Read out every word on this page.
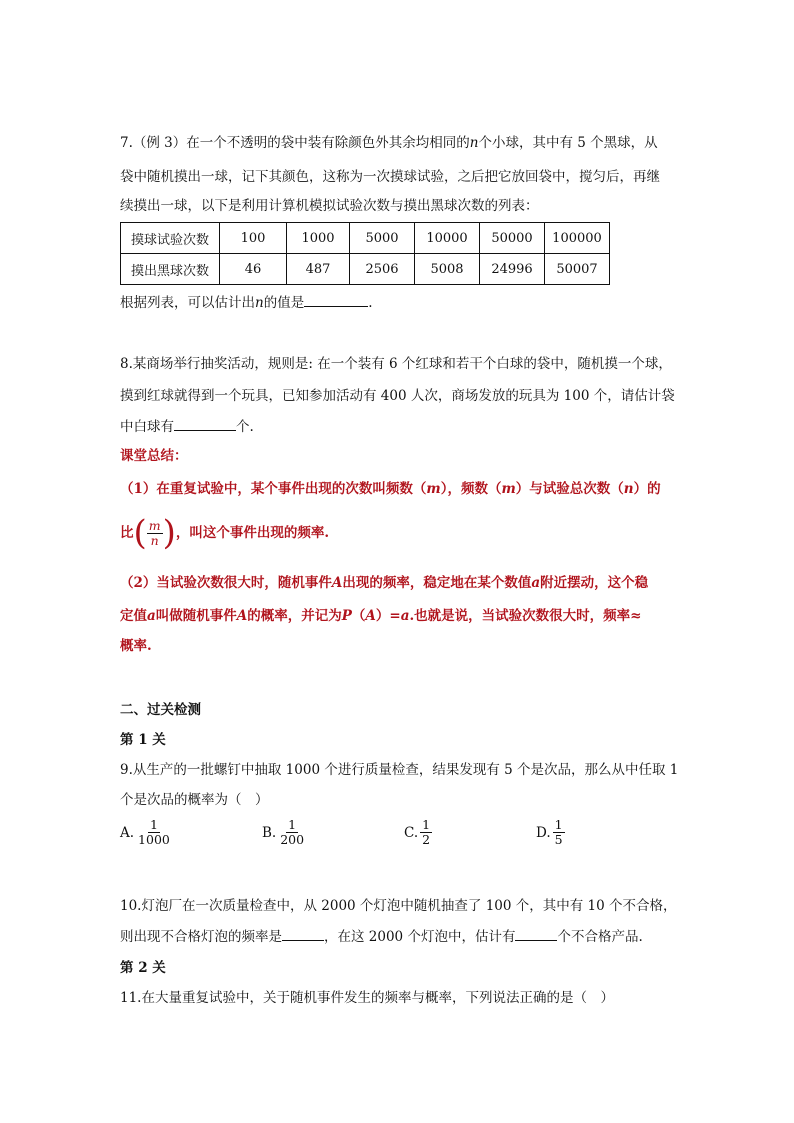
7.（例 3）在一个不透明的袋中装有除颜色外其余均相同的n个小球，其中有 5 个黑球，从
袋中随机摸出一球，记下其颜色，这称为一次摸球试验，之后把它放回袋中，搅匀后，再继
续摸出一球，以下是利用计算机模拟试验次数与摸出黑球次数的列表：
摸球试验次数	100	1000	5000	10000	50000	100000
摸出黑球次数	46	487	2506	5008	24996	50007
根据列表，可以估计出n的值是	.
8.某商场举行抽奖活动，规则是: 在一个装有 6 个红球和若干个白球的袋中，随机摸一个球，
摸到红球就得到一个玩具，已知参加活动有 400 人次，商场发放的玩具为 100 个，请估计袋
中白球有	个.
课堂总结：
（1）在重复试验中，某个事件出现的次数叫频数（m），频数（m）与试验总次数（n）的
比 ( $\frac{m}{n}$ ) ，叫这个事件出现的频率.
（2）当试验次数很大时，随机事件A出现的频率，稳定地在某个数值a附近摆动，这个稳
定值a叫做随机事件A的概率，并记为P（A）=a.也就是说，当试验次数很大时，频率≈
概率.
二、过关检测
第 1 关
9.从生产的一批螺钉中抽取 1000 个进行质量检查，结果发现有 5 个是次品，那么从中任取 1
个是次品的概率为（　）
A. $\frac{1}{1000}$	B. $\frac{1}{200}$	C. $\frac{1}{2}$	D. $\frac{1}{5}$
10.灯泡厂在一次质量检查中，从 2000 个灯泡中随机抽查了 100 个，其中有 10 个不合格，
则出现不合格灯泡的频率是	，在这 2000 个灯泡中，估计有	个不合格产品.
第 2 关
11.在大量重复试验中，关于随机事件发生的频率与概率，下列说法正确的是（　）
